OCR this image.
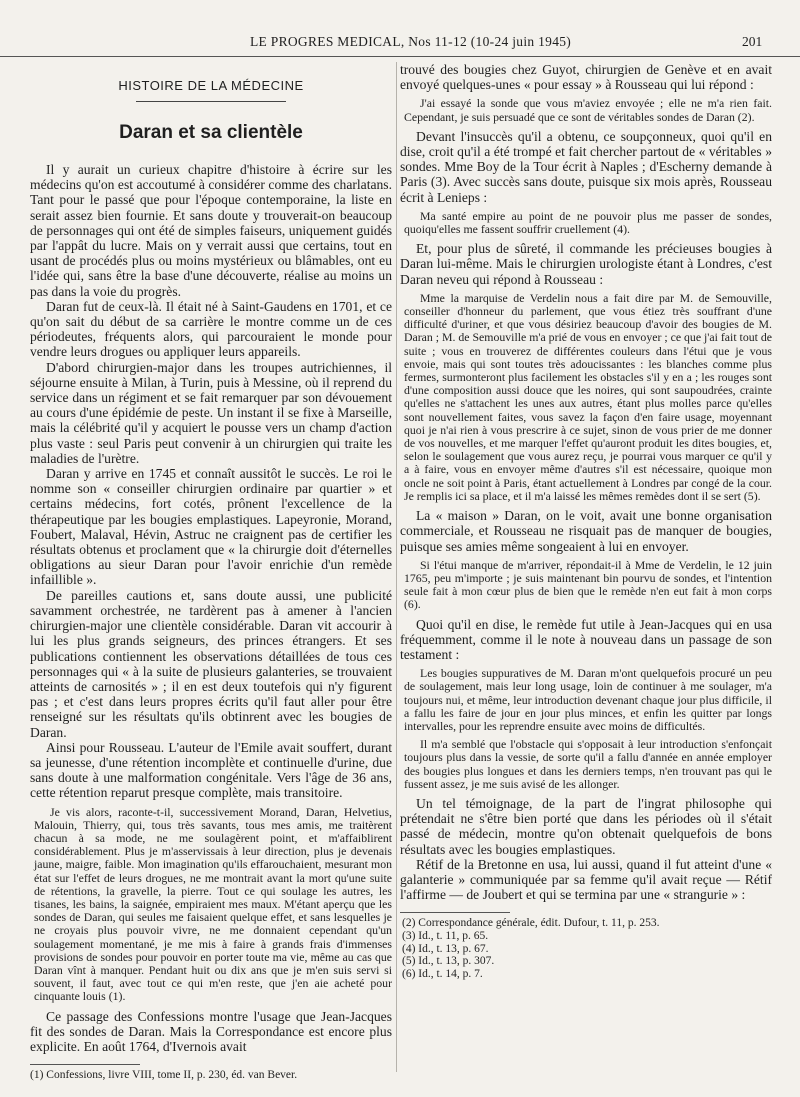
LE PROGRES MEDICAL, Nos 11-12 (10-24 juin 1945)	201
HISTOIRE DE LA MÉDECINE
Daran et sa clientèle

Il y aurait un curieux chapitre d'histoire à écrire sur les médecins qu'on est accoutumé à considérer comme des charlatans. Tant pour le passé que pour l'époque contemporaine, la liste en serait assez bien fournie. Et sans doute y trouverait-on beaucoup de personnages qui ont été de simples faiseurs, uniquement guidés par l'appât du lucre. Mais on y verrait aussi que certains, tout en usant de procédés plus ou moins mystérieux ou blâmables, ont eu l'idée qui, sans être la base d'une découverte, réalise au moins un pas dans la voie du progrès.

Daran fut de ceux-là. Il était né à Saint-Gaudens en 1701, et ce qu'on sait du début de sa carrière le montre comme un de ces périodeutes, fréquents alors, qui parcouraient le monde pour vendre leurs drogues ou appliquer leurs appareils.

D'abord chirurgien-major dans les troupes autrichiennes, il séjourne ensuite à Milan, à Turin, puis à Messine, où il reprend du service dans un régiment et se fait remarquer par son dévouement au cours d'une épidémie de peste. Un instant il se fixe à Marseille, mais la célébrité qu'il y acquiert le pousse vers un champ d'action plus vaste : seul Paris peut convenir à un chirurgien qui traite les maladies de l'urètre.

Daran y arrive en 1745 et connaît aussitôt le succès. Le roi le nomme son « conseiller chirurgien ordinaire par quartier » et certains médecins, fort cotés, prônent l'excellence de la thérapeutique par les bougies emplastiques. Lapeyronie, Morand, Foubert, Malaval, Hévin, Astruc ne craignent pas de certifier les résultats obtenus et proclament que « la chirurgie doit d'éternelles obligations au sieur Daran pour l'avoir enrichie d'un remède infaillible ».

De pareilles cautions et, sans doute aussi, une publicité savamment orchestrée, ne tardèrent pas à amener à l'ancien chirurgien-major une clientèle considérable. Daran vit accourir à lui les plus grands seigneurs, des princes étrangers. Et ses publications contiennent les observations détaillées de tous ces personnages qui « à la suite de plusieurs galanteries, se trouvaient atteints de carnosités » ; il en est deux toutefois qui n'y figurent pas ; et c'est dans leurs propres écrits qu'il faut aller pour être renseigné sur les résultats qu'ils obtinrent avec les bougies de Daran.

Ainsi pour Rousseau. L'auteur de l'Emile avait souffert, durant sa jeunesse, d'une rétention incomplète et continuelle d'urine, due sans doute à une malformation congénitale. Vers l'âge de 36 ans, cette rétention reparut presque complète, mais transitoire.

Je vis alors, raconte-t-il, successivement Morand, Daran, Helvetius, Malouin, Thierry, qui, tous très savants, tous mes amis, me traitèrent chacun à sa mode, ne me soulagèrent point, et m'affaiblirent considérablement. Plus je m'asservissais à leur direction, plus je devenais jaune, maigre, faible. Mon imagination qu'ils effarouchaient, mesurant mon état sur l'effet de leurs drogues, ne me montrait avant la mort qu'une suite de rétentions, la gravelle, la pierre. Tout ce qui soulage les autres, les tisanes, les bains, la saignée, empiraient mes maux. M'étant aperçu que les sondes de Daran, qui seules me faisaient quelque effet, et sans lesquelles je ne croyais plus pouvoir vivre, ne me donnaient cependant qu'un soulagement momentané, je me mis à faire à grands frais d'immenses provisions de sondes pour pouvoir en porter toute ma vie, même au cas que Daran vînt à manquer. Pendant huit ou dix ans que je m'en suis servi si souvent, il faut, avec tout ce qui m'en reste, que j'en aie acheté pour cinquante louis (1).

Ce passage des Confessions montre l'usage que Jean-Jacques fit des sondes de Daran. Mais la Correspondance est encore plus explicite. En août 1764, d'Ivernois avait

(1) Confessions, livre VIII, tome II, p. 230, éd. van Bever.

trouvé des bougies chez Guyot, chirurgien de Genève et en avait envoyé quelques-unes « pour essay » à Rousseau qui lui répond :

J'ai essayé la sonde que vous m'aviez envoyée ; elle ne m'a rien fait. Cependant, je suis persuadé que ce sont de véritables sondes de Daran (2).

Devant l'insuccès qu'il a obtenu, ce soupçonneux, quoi qu'il en dise, croit qu'il a été trompé et fait chercher partout de « véritables » sondes. Mme Boy de la Tour écrit à Naples ; d'Escherny demande à Paris (3). Avec succès sans doute, puisque six mois après, Rousseau écrit à Lenieps :

Ma santé empire au point de ne pouvoir plus me passer de sondes, quoiqu'elles me fassent souffrir cruellement (4).

Et, pour plus de sûreté, il commande les précieuses bougies à Daran lui-même. Mais le chirurgien urologiste étant à Londres, c'est Daran neveu qui répond à Rousseau :

Mme la marquise de Verdelin nous a fait dire par M. de Semouville, conseiller d'honneur du parlement, que vous étiez très souffrant d'une difficulté d'uriner, et que vous désiriez beaucoup d'avoir des bougies de M. Daran ; M. de Semouville m'a prié de vous en envoyer ; ce que j'ai fait tout de suite ; vous en trouverez de différentes couleurs dans l'étui que je vous envoie, mais qui sont toutes très adoucissantes : les blanches comme plus fermes, surmonteront plus facilement les obstacles s'il y en a ; les rouges sont d'une composition aussi douce que les noires, qui sont saupoudrées, crainte qu'elles ne s'attachent les unes aux autres, étant plus molles parce qu'elles sont nouvellement faites, vous savez la façon d'en faire usage, moyennant quoi je n'ai rien à vous prescrire à ce sujet, sinon de vous prier de me donner de vos nouvelles, et me marquer l'effet qu'auront produit les dites bougies, et, selon le soulagement que vous aurez reçu, je pourrai vous marquer ce qu'il y a à faire, vous en envoyer même d'autres s'il est nécessaire, quoique mon oncle ne soit point à Paris, étant actuellement à Londres par congé de la cour. Je remplis ici sa place, et il m'a laissé les mêmes remèdes dont il se sert (5).

La « maison » Daran, on le voit, avait une bonne organisation commerciale, et Rousseau ne risquait pas de manquer de bougies, puisque ses amies même songeaient à lui en envoyer.

Si l'étui manque de m'arriver, répondait-il à Mme de Verdelin, le 12 juin 1765, peu m'importe ; je suis maintenant bin pourvu de sondes, et l'intention seule fait à mon cœur plus de bien que le remède n'en eut fait à mon corps (6).

Quoi qu'il en dise, le remède fut utile à Jean-Jacques qui en usa fréquemment, comme il le note à nouveau dans un passage de son testament :

Les bougies suppuratives de M. Daran m'ont quelquefois procuré un peu de soulagement, mais leur long usage, loin de continuer à me soulager, m'a toujours nui, et même, leur introduction devenant chaque jour plus difficile, il a fallu les faire de jour en jour plus minces, et enfin les quitter par longs intervalles, pour les reprendre ensuite avec moins de difficultés.

Il m'a semblé que l'obstacle qui s'opposait à leur introduction s'enfonçait toujours plus dans la vessie, de sorte qu'il a fallu d'année en année employer des bougies plus longues et dans les derniers temps, n'en trouvant pas qui le fussent assez, je me suis avisé de les allonger.

Un tel témoignage, de la part de l'ingrat philosophe qui prétendait ne s'être bien porté que dans les périodes où il s'était passé de médecin, montre qu'on obtenait quelquefois de bons résultats avec les bougies emplastiques.

Rétif de la Bretonne en usa, lui aussi, quand il fut atteint d'une « galanterie » communiquée par sa femme qu'il avait reçue — Rétif l'affirme — de Joubert et qui se termina par une « strangurie » :

(2) Correspondance générale, édit. Dufour, t. 11, p. 253.
(3) Id., t. 11, p. 65.
(4) Id., t. 13, p. 67.
(5) Id., t. 13, p. 307.
(6) Id., t. 14, p. 7.
